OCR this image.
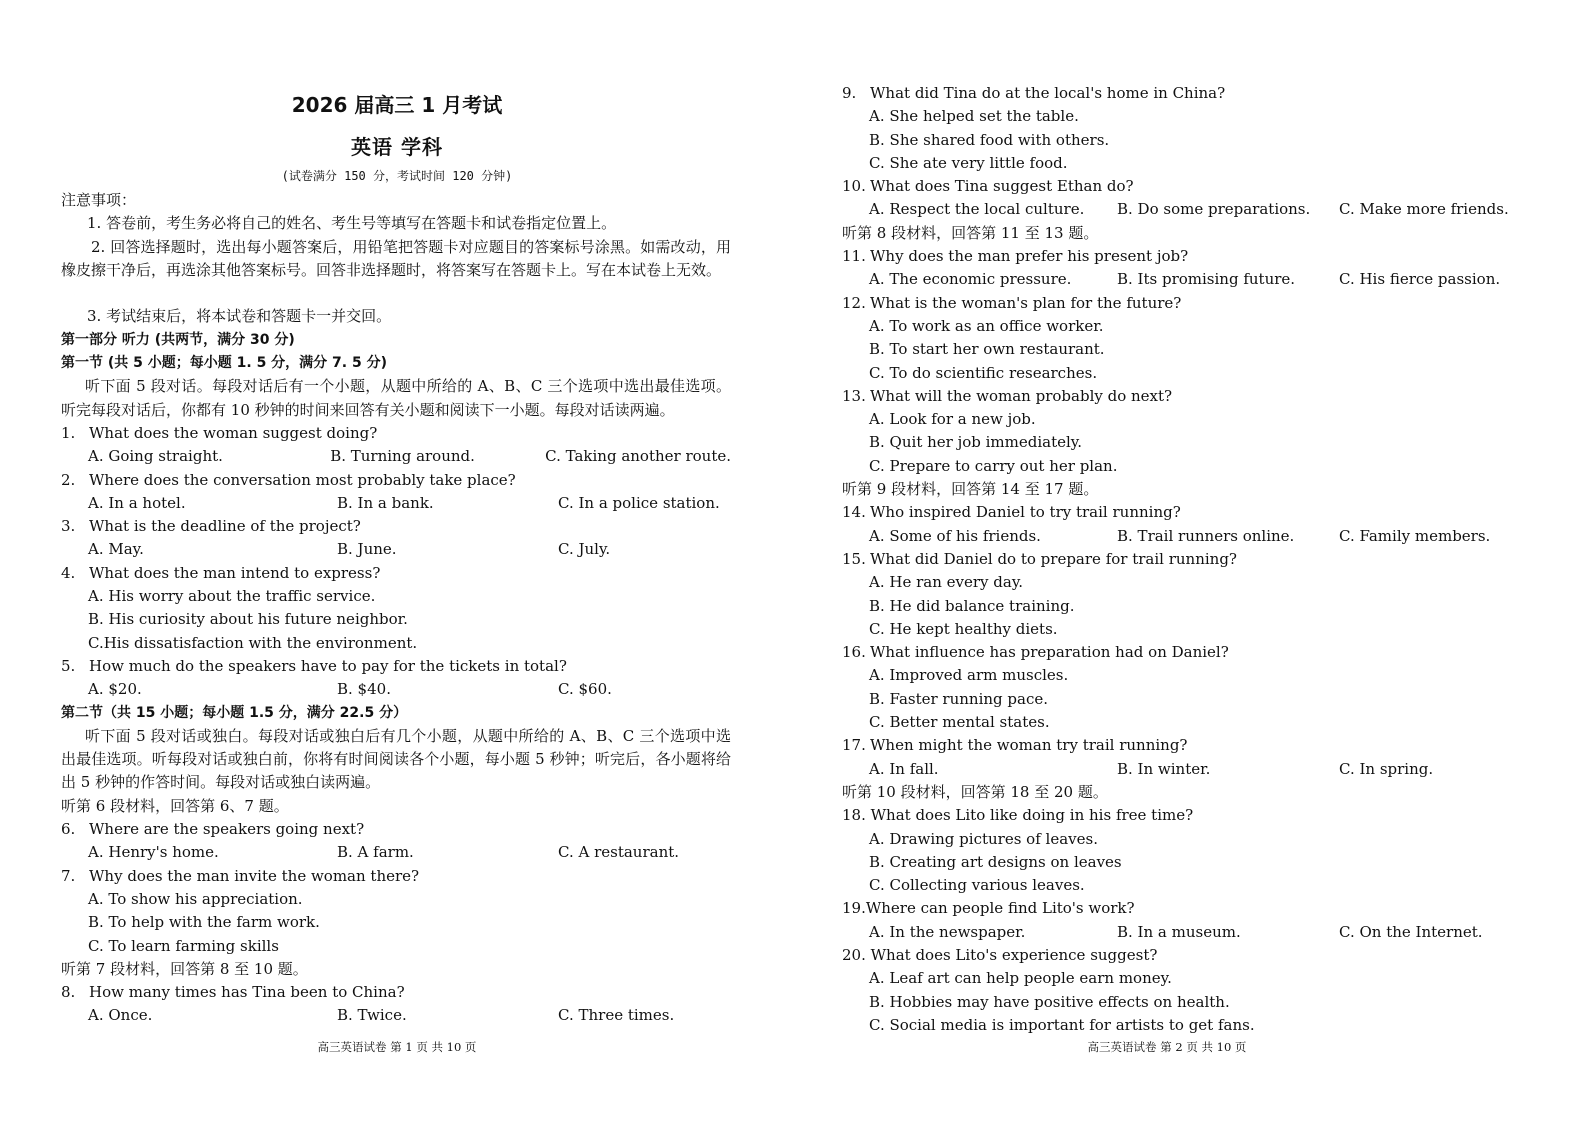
2026 届高三 1 月考试
英语 学科
(试卷满分 150 分，考试时间 120 分钟)
注意事项：
1. 答卷前，考生务必将自己的姓名、考生号等填写在答题卡和试卷指定位置上。
2. 回答选择题时，选出每小题答案后，用铅笔把答题卡对应题目的答案标号涂黑。如需改动，用橡皮擦干净后，再选涂其他答案标号。回答非选择题时，将答案写在答题卡上。写在本试卷上无效。
3. 考试结束后，将本试卷和答题卡一并交回。
第一部分 听力 (共两节，满分 30 分)
第一节 (共 5 小题；每小题 1. 5 分，满分 7. 5 分)
听下面 5 段对话。每段对话后有一个小题，从题中所给的 A、B、C 三个选项中选出最佳选项。听完每段对话后，你都有 10 秒钟的时间来回答有关小题和阅读下一小题。每段对话读两遍。
1. What does the woman suggest doing?
A. Going straight.	B. Turning around.	C. Taking another route.
2. Where does the conversation most probably take place?
A. In a hotel.	B. In a bank.	C. In a police station.
3. What is the deadline of the project?
A. May.	B. June.	C. July.
4. What does the man intend to express?
A. His worry about the traffic service.
B. His curiosity about his future neighbor.
C.His dissatisfaction with the environment.
5. How much do the speakers have to pay for the tickets in total?
A. $20.	B. $40.	C. $60.
第二节（共 15 小题；每小题 1.5 分，满分 22.5 分）
听下面 5 段对话或独白。每段对话或独白后有几个小题，从题中所给的 A、B、C 三个选项中选出最佳选项。听每段对话或独白前，你将有时间阅读各个小题，每小题 5 秒钟；听完后，各小题将给出 5 秒钟的作答时间。每段对话或独白读两遍。
听第 6 段材料，回答第 6、7 题。
6. Where are the speakers going next?
A. Henry's home.	B. A farm.	C. A restaurant.
7. Why does the man invite the woman there?
A. To show his appreciation.
B. To help with the farm work.
C. To learn farming skills
听第 7 段材料，回答第 8 至 10 题。
8. How many times has Tina been to China?
A. Once.	B. Twice.	C. Three times.
高三英语试卷 第 1 页 共 10 页
9. What did Tina do at the local's home in China?
A. She helped set the table.
B. She shared food with others.
C. She ate very little food.
10. What does Tina suggest Ethan do?
A. Respect the local culture.	B. Do some preparations.	C. Make more friends.
听第 8 段材料，回答第 11 至 13 题。
11. Why does the man prefer his present job?
A. The economic pressure.	B. Its promising future.	C. His fierce passion.
12. What is the woman's plan for the future?
A. To work as an office worker.
B. To start her own restaurant.
C. To do scientific researches.
13. What will the woman probably do next?
A. Look for a new job.
B. Quit her job immediately.
C. Prepare to carry out her plan.
听第 9 段材料，回答第 14 至 17 题。
14. Who inspired Daniel to try trail running?
A. Some of his friends.	B. Trail runners online.	C. Family members.
15. What did Daniel do to prepare for trail running?
A. He ran every day.
B. He did balance training.
C. He kept healthy diets.
16. What influence has preparation had on Daniel?
A. Improved arm muscles.
B. Faster running pace.
C. Better mental states.
17. When might the woman try trail running?
A. In fall.	B. In winter.	C. In spring.
听第 10 段材料，回答第 18 至 20 题。
18. What does Lito like doing in his free time?
A. Drawing pictures of leaves.
B. Creating art designs on leaves
C. Collecting various leaves.
19.Where can people find Lito's work?
A. In the newspaper.	B. In a museum.	C. On the Internet.
20. What does Lito's experience suggest?
A. Leaf art can help people earn money.
B. Hobbies may have positive effects on health.
C. Social media is important for artists to get fans.
高三英语试卷 第 2 页 共 10 页
